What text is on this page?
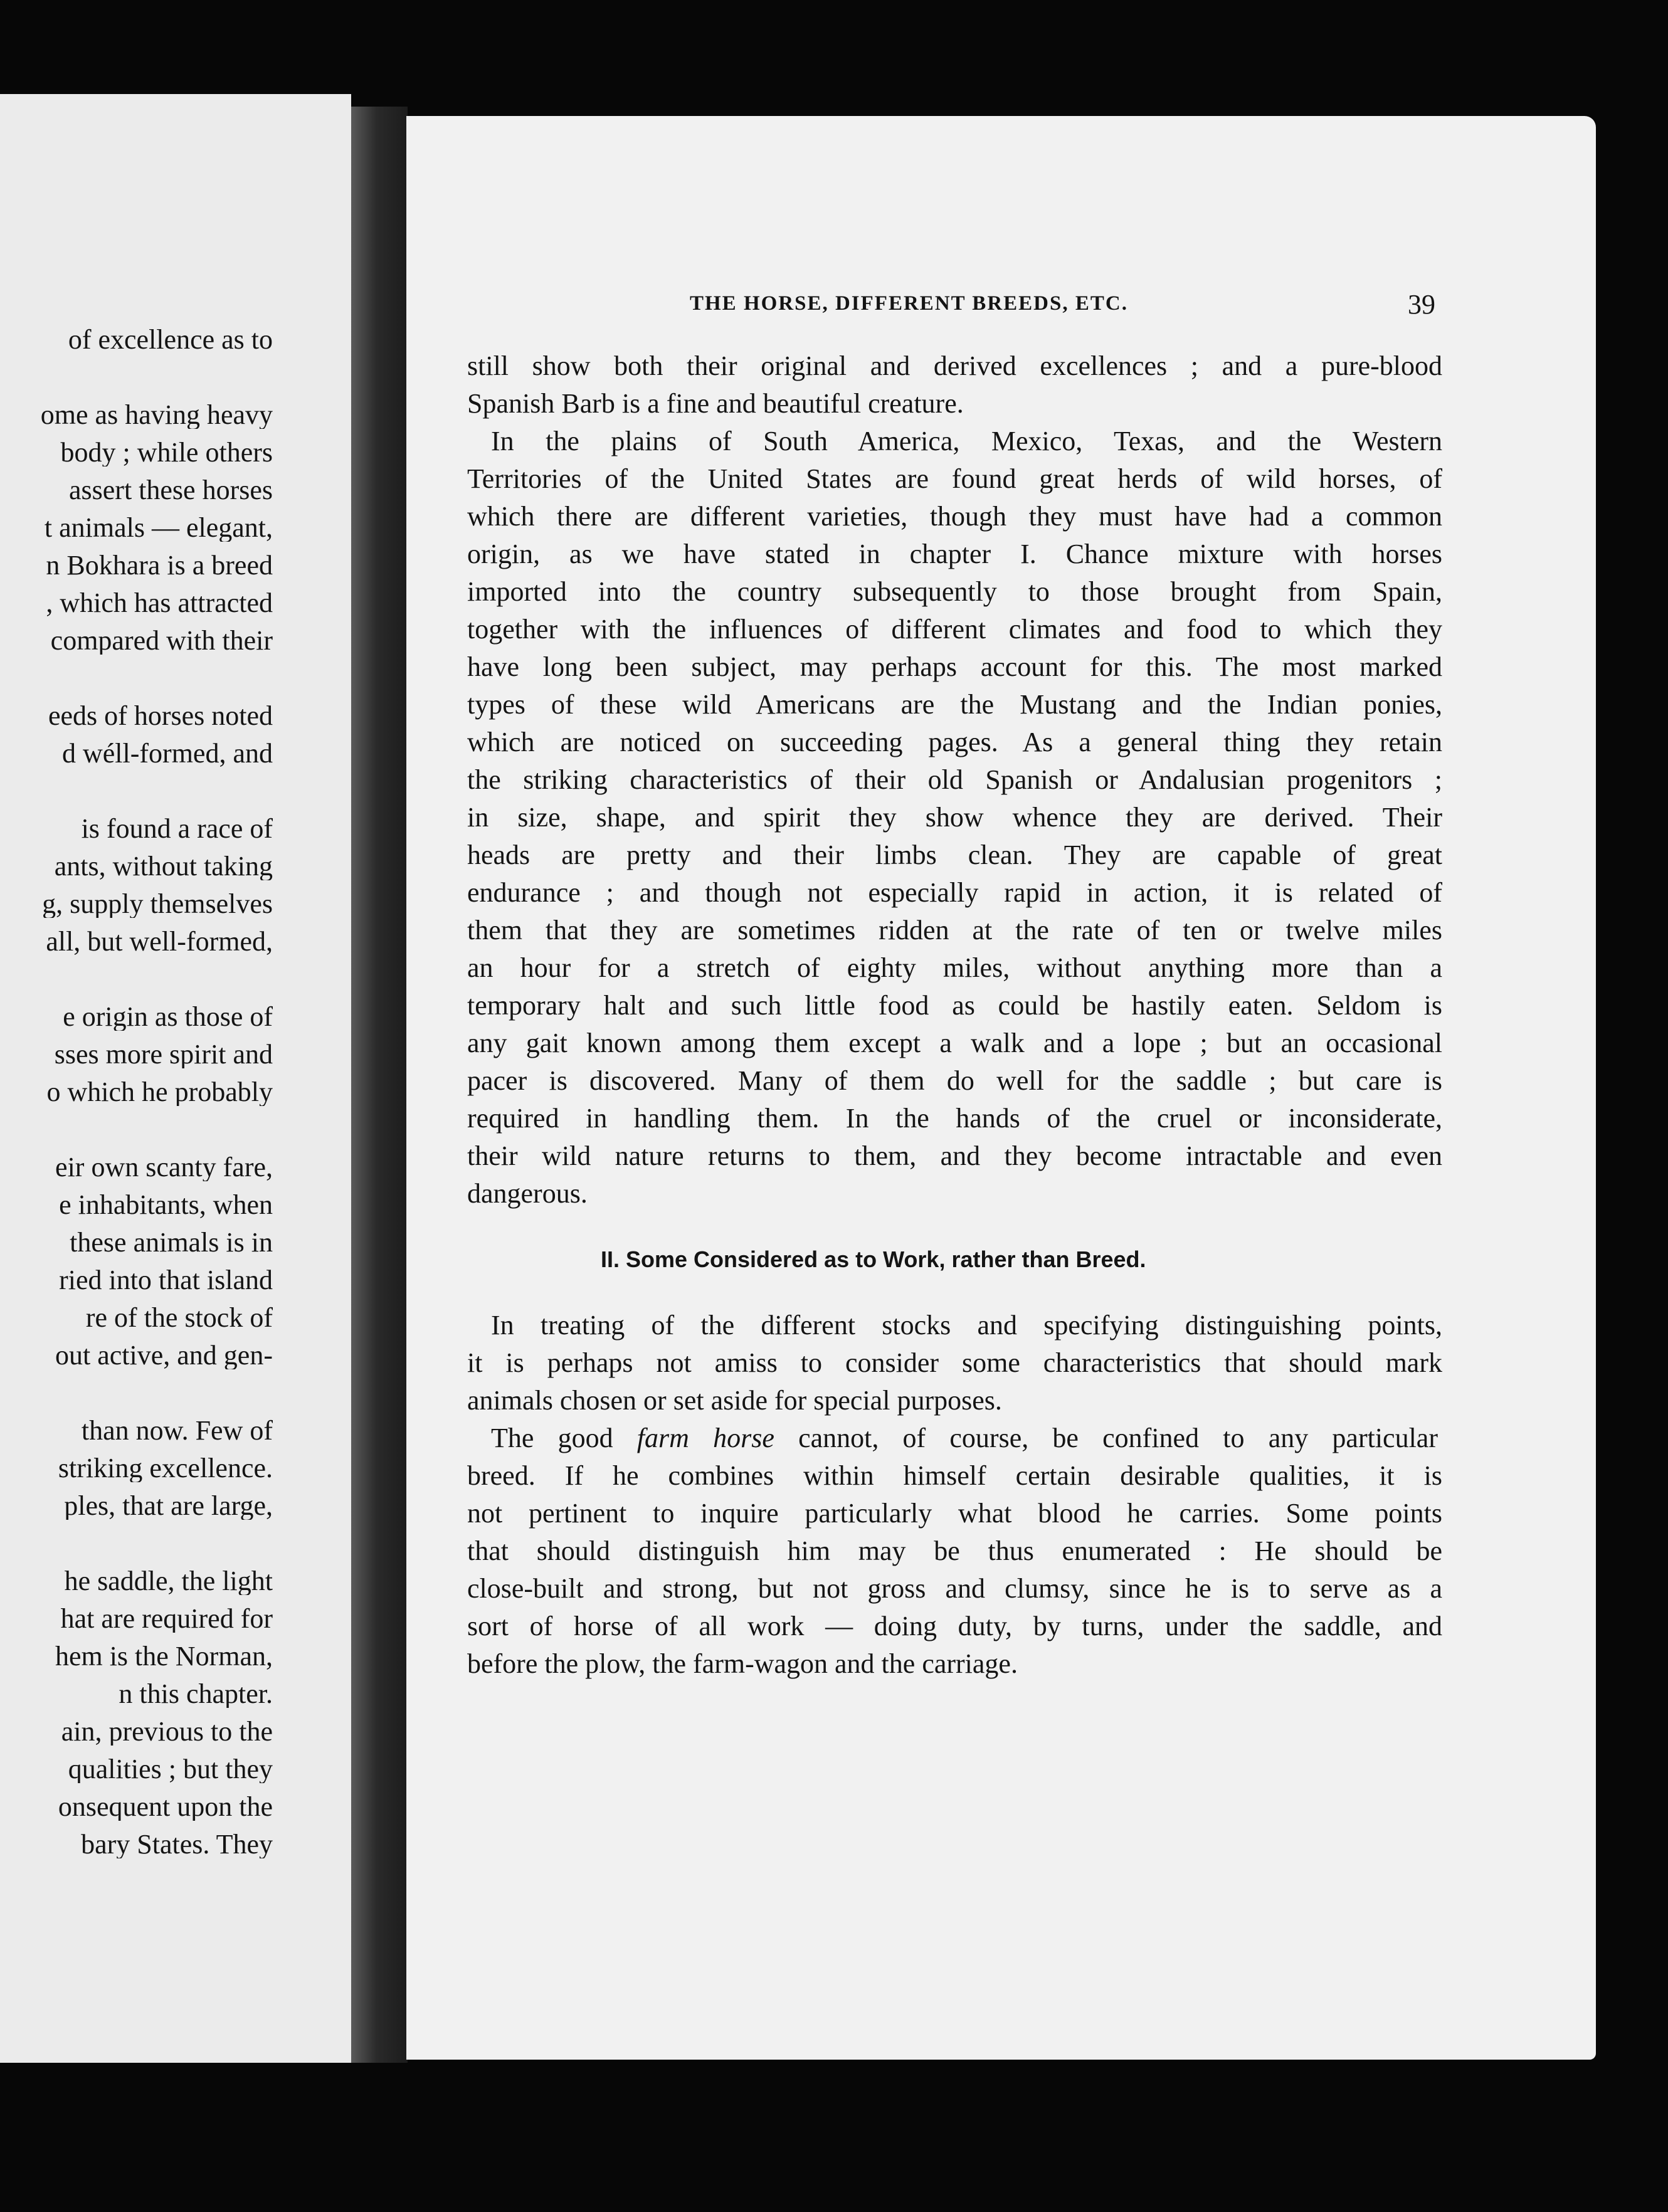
of excellence as to
ome as having heavy
body ; while others
assert these horses
t animals — elegant,
n Bokhara is a breed
, which has attracted
compared with their
eeds of horses noted
d wéll-formed, and
is found a race of
ants, without taking
g, supply themselves
all, but well-formed,
e origin as those of
sses more spirit and
o which he probably
eir own scanty fare,
e inhabitants, when
these animals is in
ried into that island
re of the stock of
out active, and gen-
than now. Few of
striking excellence.
ples, that are large,
he saddle, the light
hat are required for
hem is the Norman,
n this chapter.
ain, previous to the
qualities ; but they
onsequent upon the
bary States. They
THE HORSE, DIFFERENT BREEDS, ETC.	39
still show both their original and derived excellences ; and a pure-blood
Spanish Barb is a fine and beautiful creature.
In the plains of South America, Mexico, Texas, and the Western
Territories of the United States are found great herds of wild horses, of
which there are different varieties, though they must have had a common
origin, as we have stated in chapter I. Chance mixture with horses
imported into the country subsequently to those brought from Spain,
together with the influences of different climates and food to which they
have long been subject, may perhaps account for this. The most marked
types of these wild Americans are the Mustang and the Indian ponies,
which are noticed on succeeding pages. As a general thing they retain
the striking characteristics of their old Spanish or Andalusian progenitors ;
in size, shape, and spirit they show whence they are derived. Their
heads are pretty and their limbs clean. They are capable of great
endurance ; and though not especially rapid in action, it is related of
them that they are sometimes ridden at the rate of ten or twelve miles
an hour for a stretch of eighty miles, without anything more than a
temporary halt and such little food as could be hastily eaten. Seldom is
any gait known among them except a walk and a lope ; but an occasional
pacer is discovered. Many of them do well for the saddle ; but care is
required in handling them. In the hands of the cruel or inconsiderate,
their wild nature returns to them, and they become intractable and even
dangerous.
In treating of the different stocks and specifying distinguishing points,
it is perhaps not amiss to consider some characteristics that should mark
animals chosen or set aside for special purposes.
breed. If he combines within himself certain desirable qualities, it is
not pertinent to inquire particularly what blood he carries. Some points
that should distinguish him may be thus enumerated : He should be
close-built and strong, but not gross and clumsy, since he is to serve as a
sort of horse of all work — doing duty, by turns, under the saddle, and
before the plow, the farm-wagon and the carriage.
II. Some Considered as to Work, rather than Breed.
The good farm horse cannot, of course, be confined to any particular
